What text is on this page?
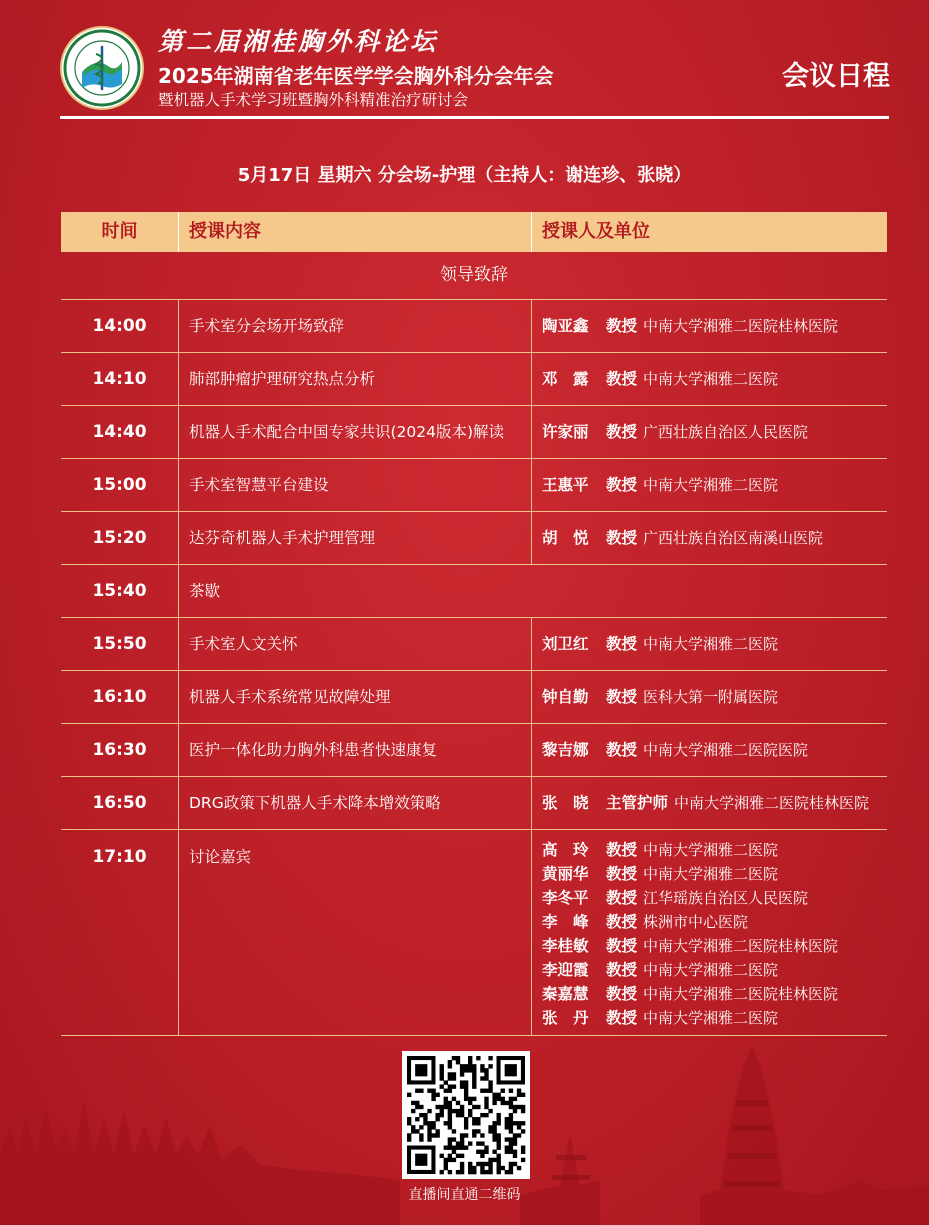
第二届湘桂胸外科论坛
2025年湖南省老年医学学会胸外科分会年会
暨机器人手术学习班暨胸外科精准治疗研讨会
会议日程
5月17日 星期六 分会场-护理（主持人：谢连珍、张晓）
时间	授课内容	授课人及单位
领导致辞
14:00	手术室分会场开场致辞	陶亚鑫	教授 中南大学湘雅二医院桂林医院
14:10	肺部肿瘤护理研究热点分析	邓　露	教授 中南大学湘雅二医院
14:40	机器人手术配合中国专家共识(2024版本)解读	许家丽	教授 广西壮族自治区人民医院
15:00	手术室智慧平台建设	王惠平	教授 中南大学湘雅二医院
15:20	达芬奇机器人手术护理管理	胡　悦	教授 广西壮族自治区南溪山医院
15:40	茶歇
15:50	手术室人文关怀	刘卫红	教授 中南大学湘雅二医院
16:10	机器人手术系统常见故障处理	钟自勤	教授 医科大第一附属医院
16:30	医护一体化助力胸外科患者快速康复	黎吉娜	教授 中南大学湘雅二医院医院
16:50	DRG政策下机器人手术降本增效策略	张　晓	主管护师 中南大学湘雅二医院桂林医院
17:10	讨论嘉宾	高　玲	教授 中南大学湘雅二医院
黄丽华	教授 中南大学湘雅二医院
李冬平	教授 江华瑶族自治区人民医院
李　峰	教授 株洲市中心医院
李桂敏	教授 中南大学湘雅二医院桂林医院
李迎霞	教授 中南大学湘雅二医院
秦嘉慧	教授 中南大学湘雅二医院桂林医院
张　丹	教授 中南大学湘雅二医院
直播间直通二维码
